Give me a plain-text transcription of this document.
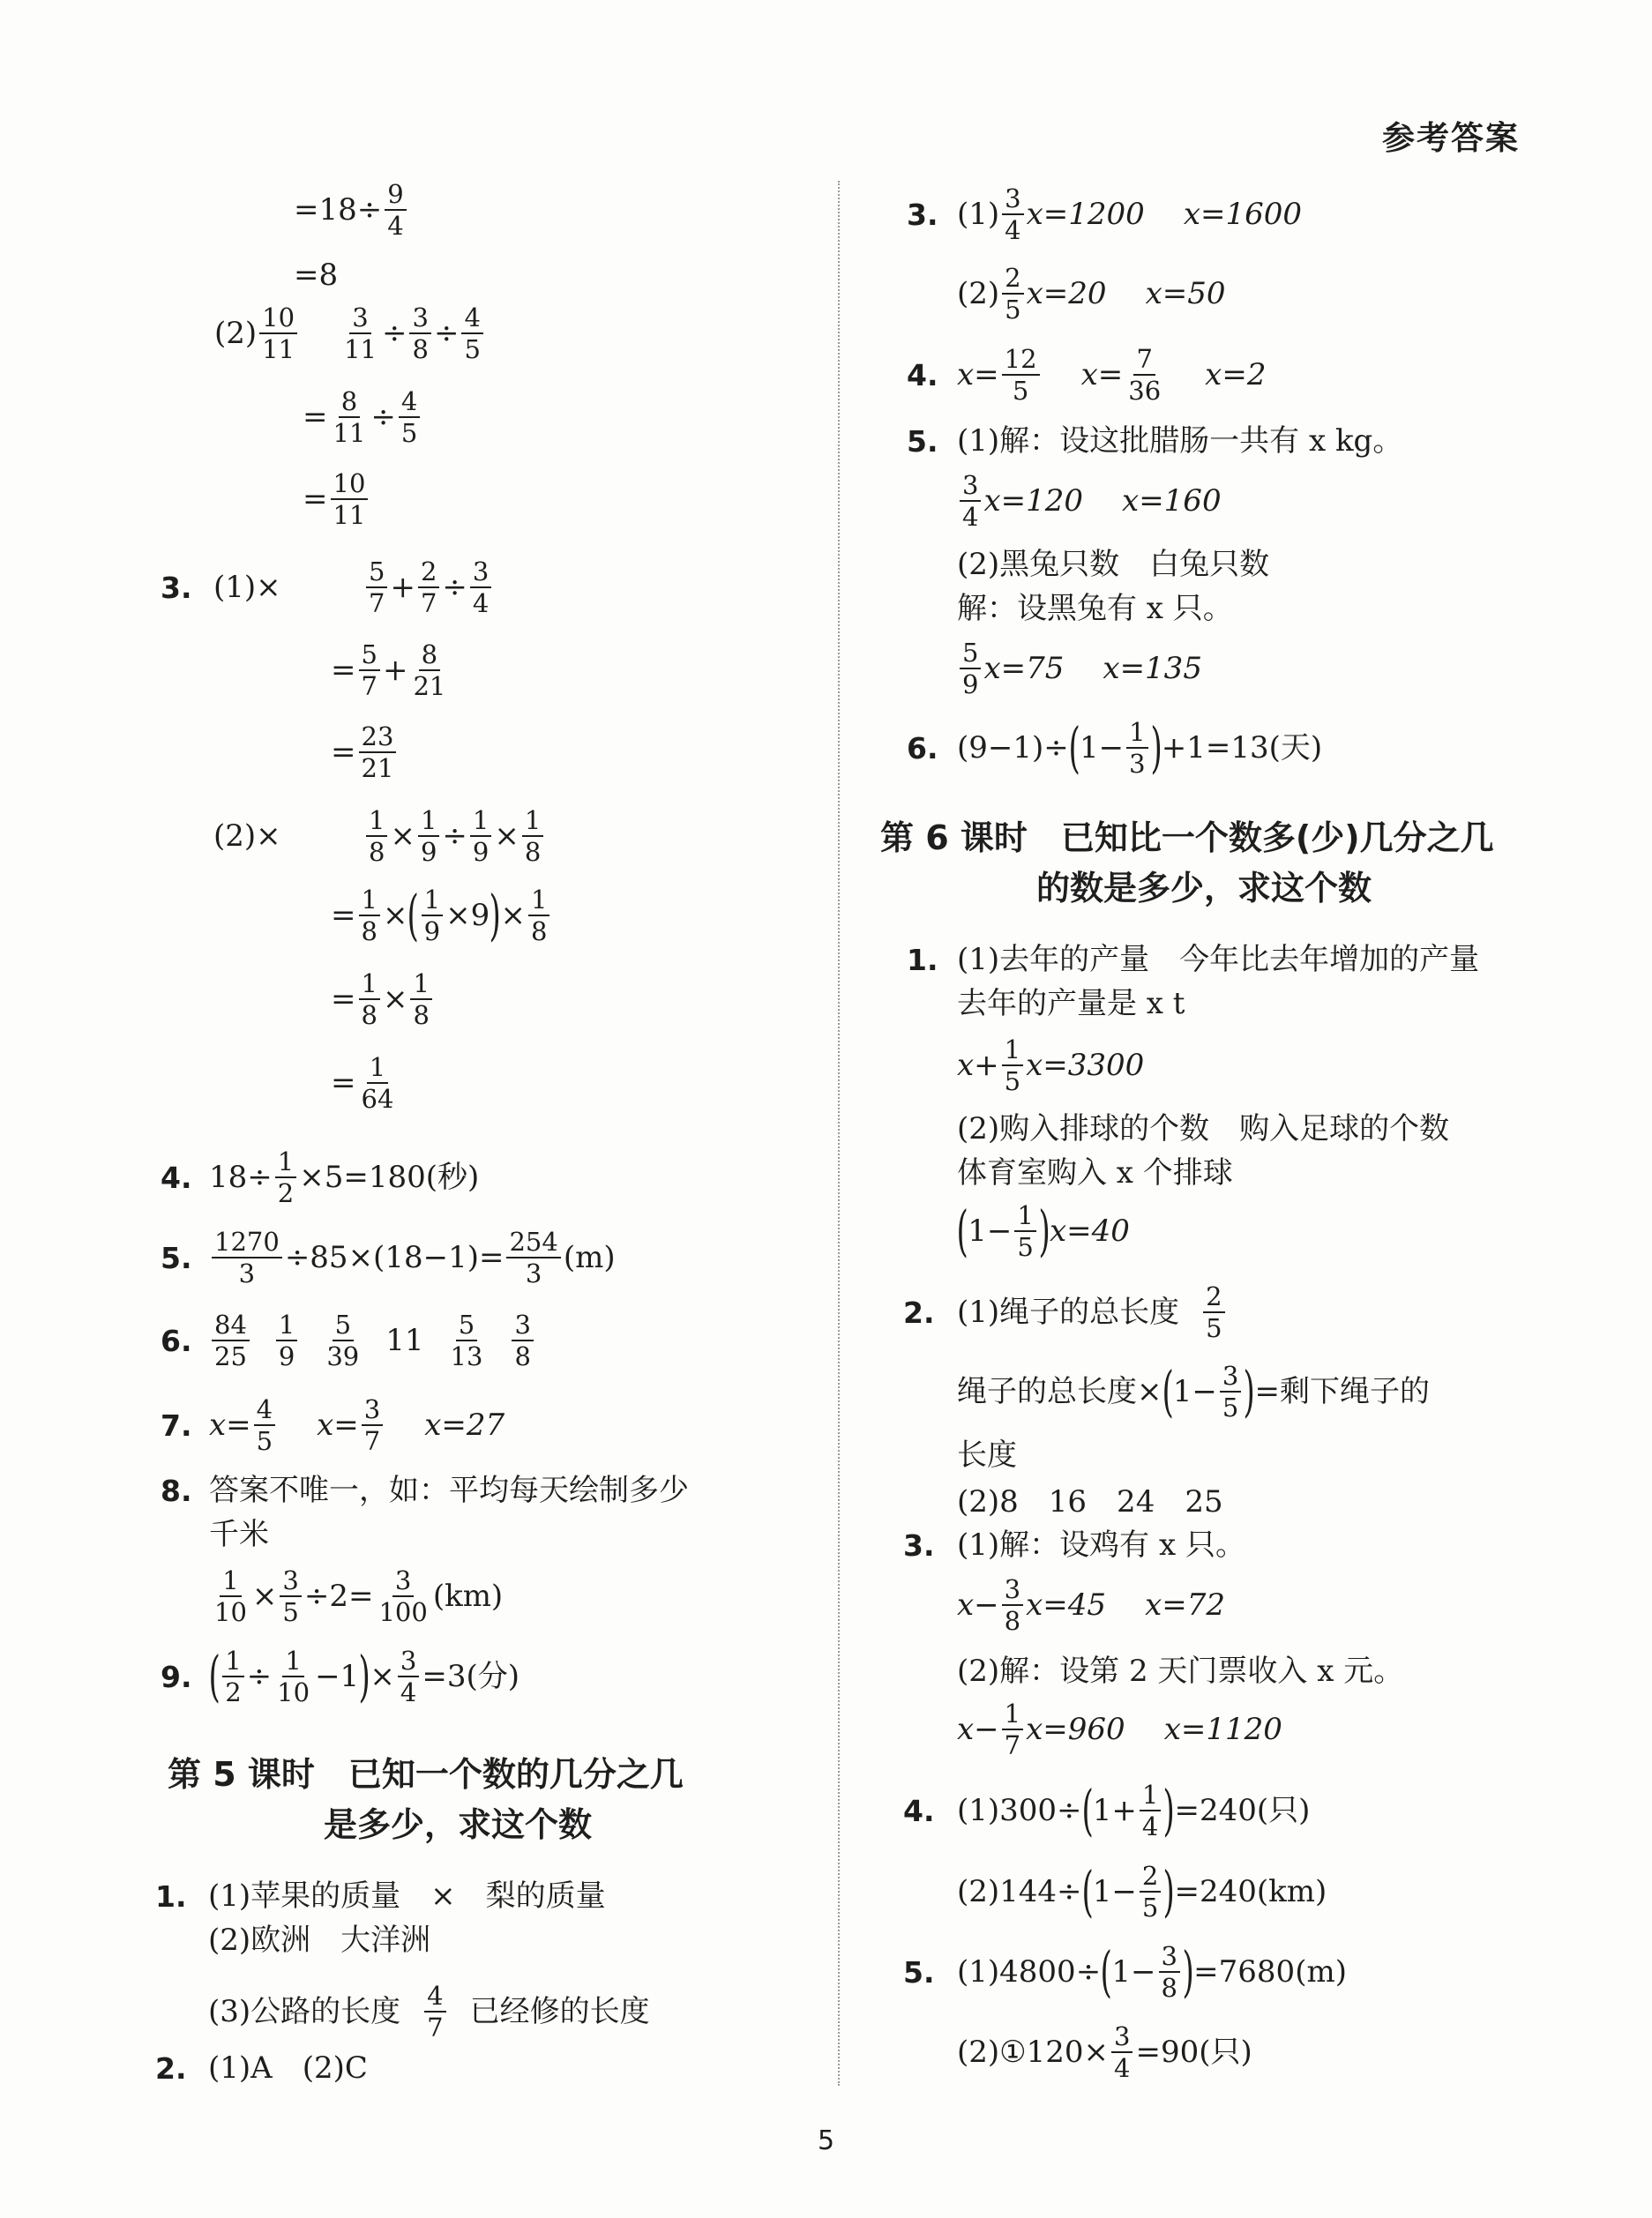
参考答案
5
$=18\div \frac{9}{4}$
=8
$(2) \frac{10}{11} \frac{3}{11} \div \frac{3}{8} \div \frac{4}{5}$
= $\frac{8}{11} \div \frac{4}{5}$
= $\frac{10}{11}$
3. (1)×	$\frac{5}{7} + \frac{2}{7} \div \frac{3}{4}$
= $\frac{5}{7} + \frac{8}{21}$
= $\frac{23}{21}$
(2)×	$\frac{1}{8} \times \frac{1}{9} \div \frac{1}{9} \times \frac{1}{8}$
= $\frac{1}{8}$ × ( $\frac{1}{9} \times 9$ ) × $\frac{1}{8}$
= $\frac{1}{8} \times \frac{1}{8}$
= $\frac{1}{64}$
4. $18\div \frac{1}{2} \times 5=180$(秒)
5. $\frac{1270}{3} \div 85\times(18-1)= \frac{254}{3} (m)$
6. $\frac{84}{25} \frac{1}{9} \frac{5}{39} 11 \frac{5}{13} \frac{3}{8}$
7. $x= \frac{4}{5} x= \frac{3}{7} x=27$
8. 答案不唯一，如：平均每天绘制多少
千米
$\frac{1}{10} \times \frac{3}{5} \div 2= \frac{3}{100} (km)$
9. ( $\frac{1}{2} \div \frac{1}{10} -1$ ) × $\frac{3}{4} =3$(分)
第 5 课时　已知一个数的几分之几
是多少，求这个数
1. (1)苹果的质量　×　梨的质量
(2)欧洲　大洋洲
(3)公路的长度 $\frac{4}{7}$ 已经修的长度
2. (1)A　(2)C
3. $(1) \frac{3}{4} x=1200$ x=1600
$(2) \frac{2}{5} x=20$ x=50
4. $x= \frac{12}{5} x= \frac{7}{36} x=2$
5. (1)解：设这批腊肠一共有 x kg。
$\frac{3}{4} x=120$ x=160
(2)黑兔只数　白兔只数
解：设黑兔有 x 只。
$\frac{5}{9} x=75$ x=135
6. (9−1)÷ ( $1- \frac{1}{3}$ ) +1=13(天)
第 6 课时　已知比一个数多(少)几分之几
的数是多少，求这个数
1. (1)去年的产量　今年比去年增加的产量
去年的产量是 x t
$x+ \frac{1}{5} x=3300$
(2)购入排球的个数　购入足球的个数
体育室购入 x 个排球
( $1- \frac{1}{5}$ ) x=40
2. (1)绳子的总长度 $\frac{2}{5}$
绳子的总长度× ( $1- \frac{3}{5}$ ) =剩下绳子的
长度
(2)8　16　24　25
3. (1)解：设鸡有 x 只。
$x- \frac{3}{8} x=45$ x=72
(2)解：设第 2 天门票收入 x 元。
$x- \frac{1}{7} x=960$ x=1120
4. (1)300÷ ( $1+ \frac{1}{4}$ ) =240(只)
(2)144÷ ( $1- \frac{2}{5}$ ) =240(km)
5. (1)4800÷ ( $1- \frac{3}{8}$ ) =7680(m)
(2)①120× $\frac{3}{4} =90$(只)
